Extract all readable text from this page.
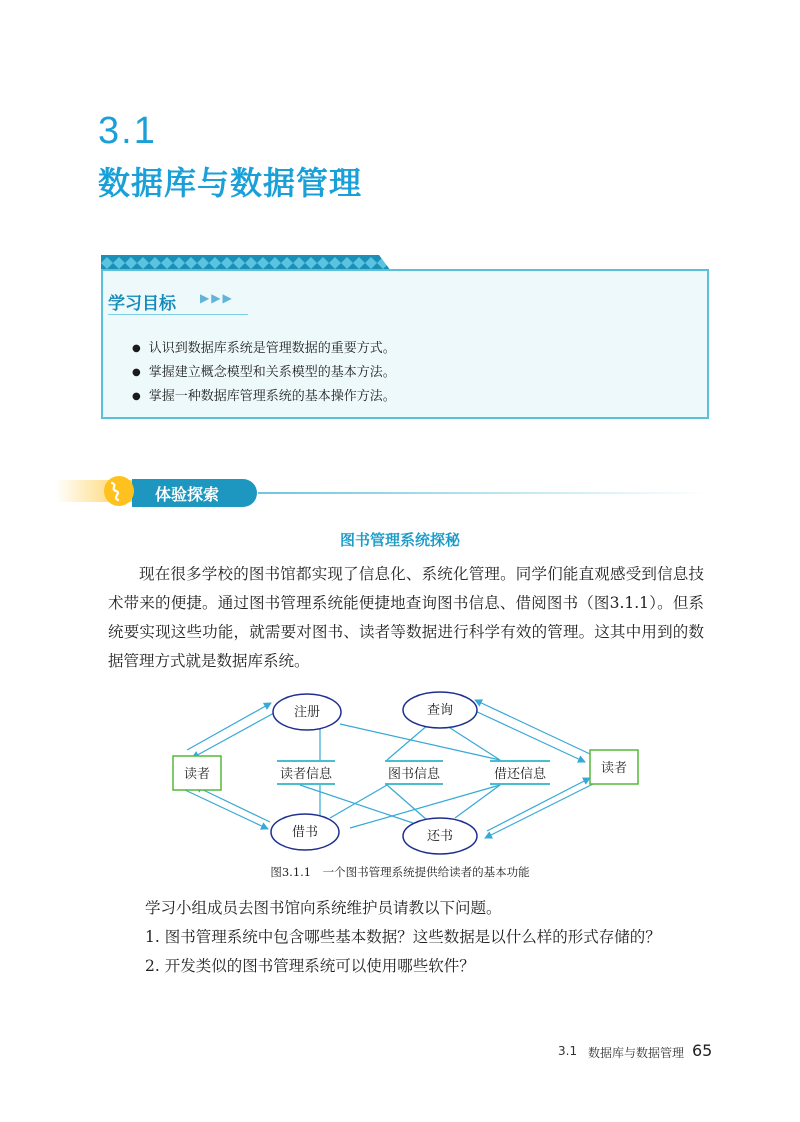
3.1
数据库与数据管理
学习目标 ▶▶▶
● 认识到数据库系统是管理数据的重要方式。
● 掌握建立概念模型和关系模型的基本方法。
● 掌握一种数据库管理系统的基本操作方法。
体验探索
图书管理系统探秘

现在很多学校的图书馆都实现了信息化、系统化管理。同学们能直观感受到信息技术带来的便捷。通过图书管理系统能便捷地查询图书信息、借阅图书（图3.1.1）。但系统要实现这些功能，就需要对图书、读者等数据进行科学有效的管理。这其中用到的数据管理方式就是数据库系统。

注册	查询
借书	还书
读者	读者
读者信息	图书信息	借还信息
图3.1.1　一个图书管理系统提供给读者的基本功能
学习小组成员去图书馆向系统维护员请教以下问题。
1. 图书管理系统中包含哪些基本数据？这些数据是以什么样的形式存储的？
2. 开发类似的图书管理系统可以使用哪些软件？
3.1 数据库与数据管理 65
